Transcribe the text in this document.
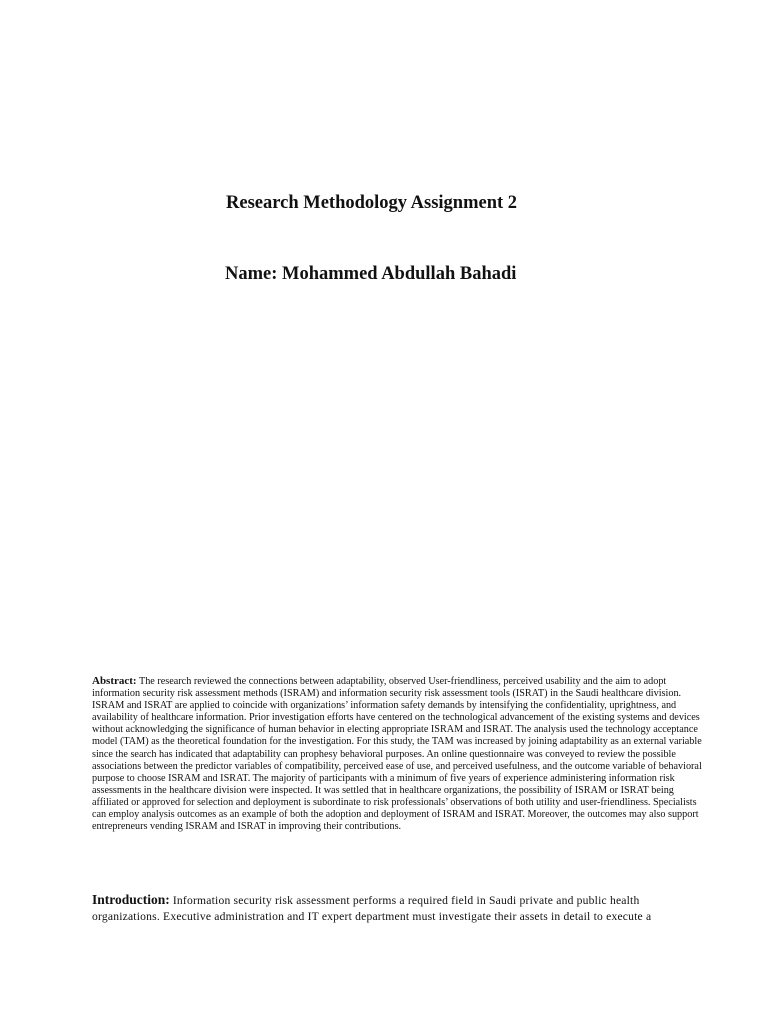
Research Methodology Assignment 2
Name: Mohammed Abdullah Bahadi

Abstract: The research reviewed the connections between adaptability, observed User-friendliness, perceived usability and the aim to adopt information security risk assessment methods (ISRAM) and information security risk assessment tools (ISRAT) in the Saudi healthcare division. ISRAM and ISRAT are applied to coincide with organizations’ information safety demands by intensifying the confidentiality, uprightness, and availability of healthcare information. Prior investigation efforts have centered on the technological advancement of the existing systems and devices without acknowledging the significance of human behavior in electing appropriate ISRAM and ISRAT. The analysis used the technology acceptance model (TAM) as the theoretical foundation for the investigation. For this study, the TAM was increased by joining adaptability as an external variable since the search has indicated that adaptability can prophesy behavioral purposes. An online questionnaire was conveyed to review the possible associations between the predictor variables of compatibility, perceived ease of use, and perceived usefulness, and the outcome variable of behavioral purpose to choose ISRAM and ISRAT. The majority of participants with a minimum of five years of experience administering information risk assessments in the healthcare division were inspected. It was settled that in healthcare organizations, the possibility of ISRAM or ISRAT being affiliated or approved for selection and deployment is subordinate to risk professionals’ observations of both utility and user-friendliness. Specialists can employ analysis outcomes as an example of both the adoption and deployment of ISRAM and ISRAT. Moreover, the outcomes may also support entrepreneurs vending ISRAM and ISRAT in improving their contributions.

Introduction: Information security risk assessment performs a required field in Saudi private and public health organizations. Executive administration and IT expert department must investigate their assets in detail to execute a
